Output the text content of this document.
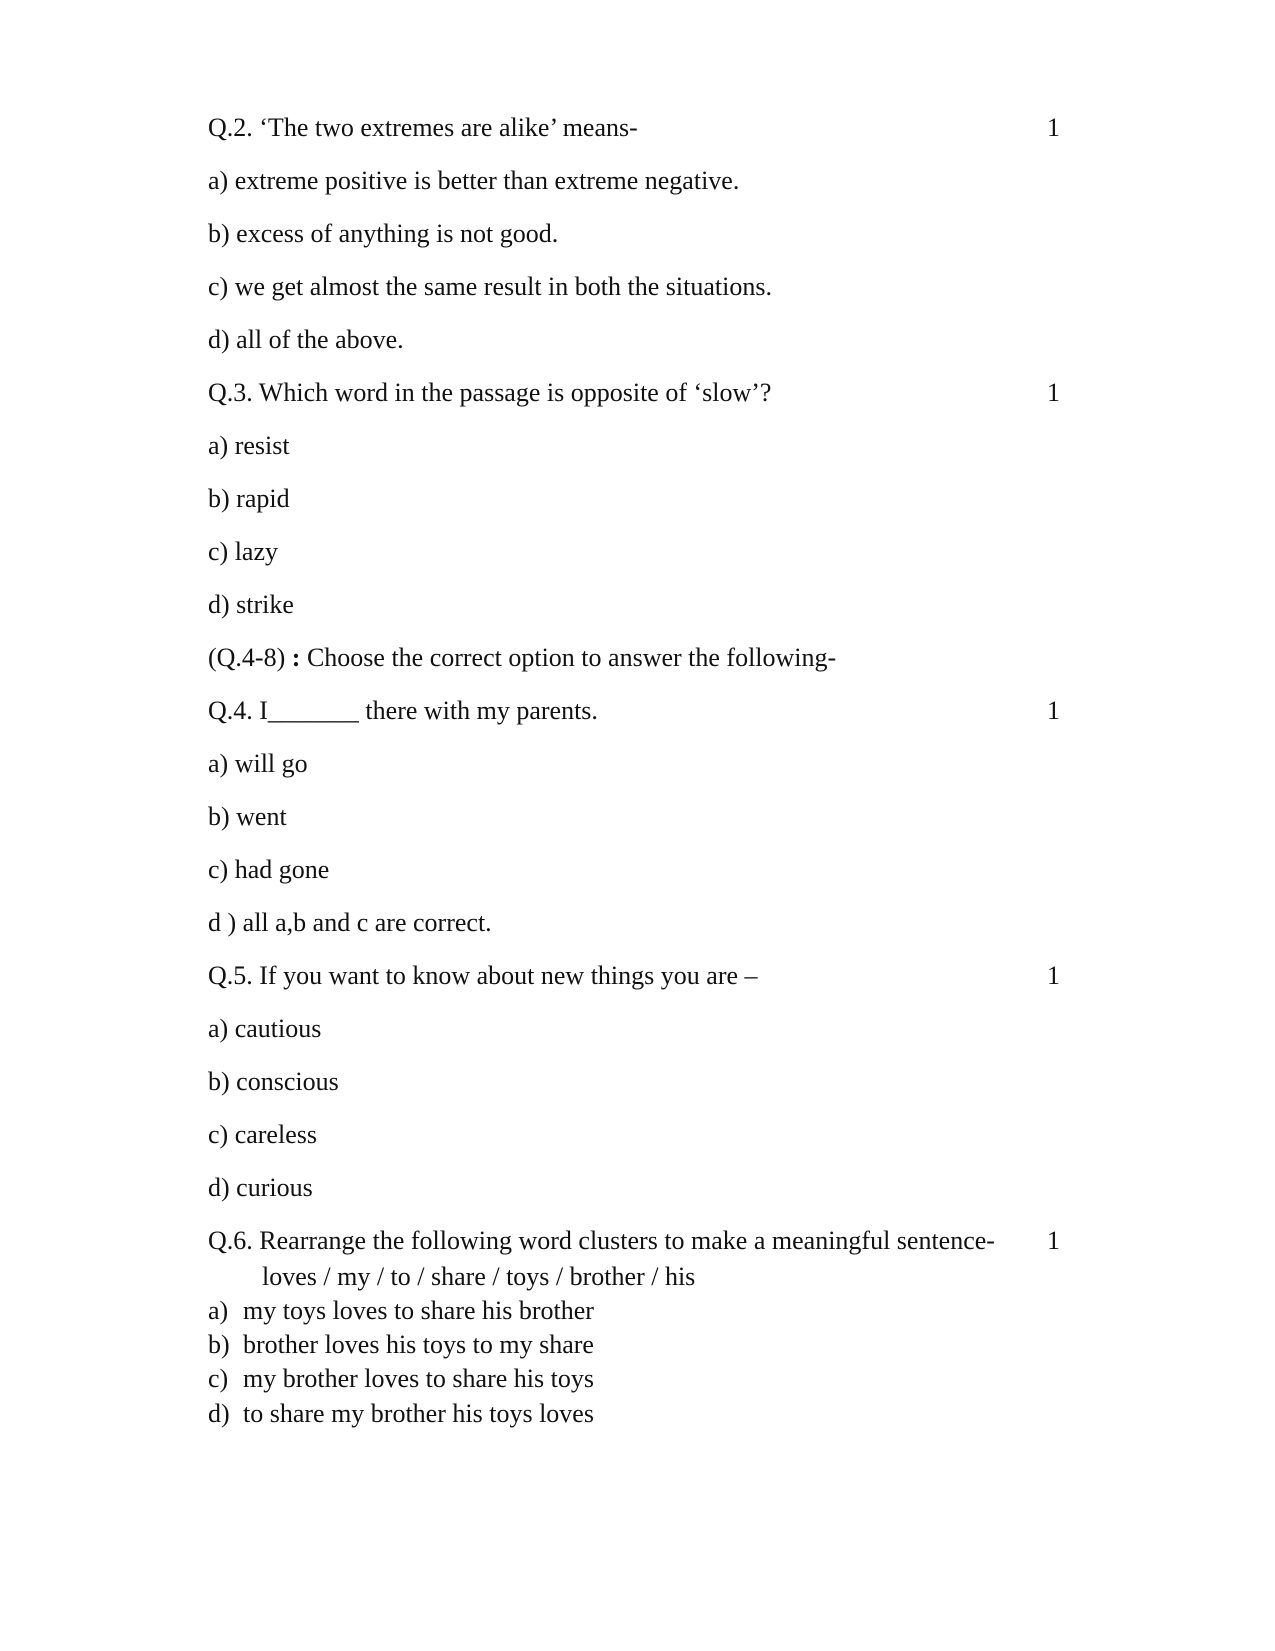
Q.2. ‘The two extremes are alike’ means-	1
a) extreme positive is better than extreme negative.
b) excess of anything is not good.
c) we get almost the same result in both the situations.
d) all of the above.
Q.3. Which word in the passage is opposite of ‘slow’?	1
a) resist
b) rapid
c) lazy
d) strike
(Q.4-8) : Choose the correct option to answer the following-
Q.4. I_______ there with my parents.	1
a) will go
b) went
c) had gone
d ) all a,b and c are correct.
Q.5. If you want to know about new things you are –	1
a) cautious
b) conscious
c) careless
d) curious
Q.6. Rearrange the following word clusters to make a meaningful sentence- 1
loves / my / to / share / toys / brother / his
a) my toys loves to share his brother
b) brother loves his toys to my share
c) my brother loves to share his toys
d) to share my brother his toys loves
